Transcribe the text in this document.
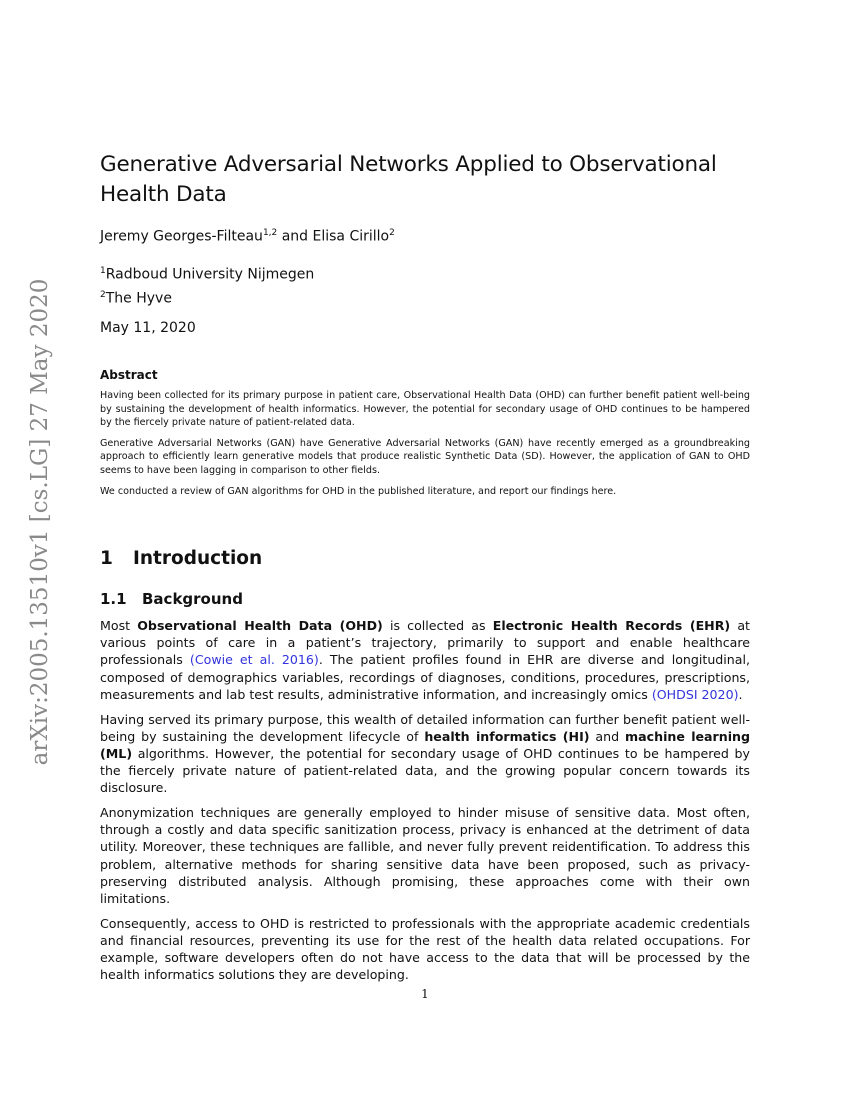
arXiv:2005.13510v1 [cs.LG] 27 May 2020
Generative Adversarial Networks Applied to Observational Health Data
Jeremy Georges-Filteau$^{1,2}$ and Elisa Cirillo$^2$
$^1$Radboud University Nijmegen
$^2$The Hyve
May 11, 2020
Abstract

Having been collected for its primary purpose in patient care, Observational Health Data (OHD) can further benefit patient well-being by sustaining the development of health informatics. However, the potential for secondary usage of OHD continues to be hampered by the fiercely private nature of patient-related data.

Generative Adversarial Networks (GAN) have Generative Adversarial Networks (GAN) have recently emerged as a groundbreaking approach to efficiently learn generative models that produce realistic Synthetic Data (SD). However, the application of GAN to OHD seems to have been lagging in comparison to other fields.

We conducted a review of GAN algorithms for OHD in the published literature, and report our findings here.

1 Introduction
1.1 Background

Most Observational Health Data (OHD) is collected as Electronic Health Records (EHR) at various points of care in a patient’s trajectory, primarily to support and enable healthcare professionals (Cowie et al. 2016). The patient profiles found in EHR are diverse and longitudinal, composed of demographics variables, recordings of diagnoses, conditions, procedures, prescriptions, measurements and lab test results, administrative information, and increasingly omics (OHDSI 2020).

Having served its primary purpose, this wealth of detailed information can further benefit patient well-being by sustaining the development lifecycle of health informatics (HI) and machine learning (ML) algorithms. However, the potential for secondary usage of OHD continues to be hampered by the fiercely private nature of patient-related data, and the growing popular concern towards its disclosure.

Anonymization techniques are generally employed to hinder misuse of sensitive data. Most often, through a costly and data specific sanitization process, privacy is enhanced at the detriment of data utility. Moreover, these techniques are fallible, and never fully prevent reidentification. To address this problem, alternative methods for sharing sensitive data have been proposed, such as privacy-preserving distributed analysis. Although promising, these approaches come with their own limitations.

Consequently, access to OHD is restricted to professionals with the appropriate academic credentials and financial resources, preventing its use for the rest of the health data related occupations. For example, software developers often do not have access to the data that will be processed by the health informatics solutions they are developing.

1
